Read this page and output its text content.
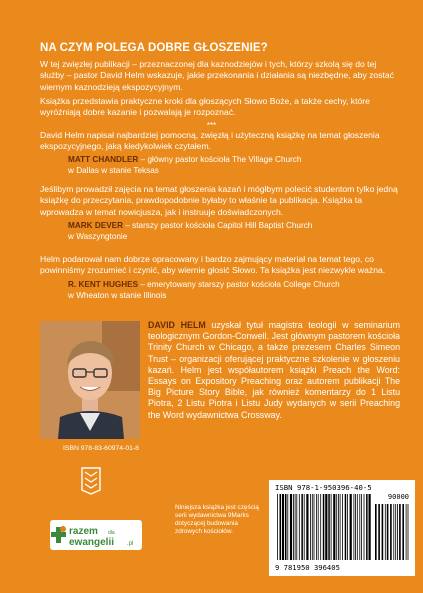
NA CZYM POLEGA DOBRE GŁOSZENIE?

W tej zwięzłej publikacji – przeznaczonej dla kaznodziejów i tych, którzy szkolą się do tej służby – pastor David Helm wskazuje, jakie przekonania i działania są niezbędne, aby zostać wiernym kaznodzieją ekspozycyjnym.

Książka przedstawia praktyczne kroki dla głoszących Słowo Boże, a także cechy, które wyróżniają dobre kazanie i pozwalają je rozpoznać.

***

David Helm napisał najbardziej pomocną, zwięzłą i użyteczną książkę na temat głoszenia ekspozycyjnego, jaką kiedykolwiek czytałem.

MATT CHANDLER – główny pastor kościoła The Village Church
w Dallas w stanie Teksas

Jeślibym prowadził zajęcia na temat głoszenia kazań i mógłbym polecić studentom tylko jedną książkę do przeczytania, prawdopodobnie byłaby to właśnie ta publikacja. Książka ta wprowadza w temat nowicjusza, jak i instruuje doświadczonych.

MARK DEVER – starszy pastor kościoła Capitol Hill Baptist Church
w Waszyngtonie

Helm podarował nam dobrze opracowany i bardzo zajmujący materiał na temat tego, co powinniśmy zrozumieć i czynić, aby wiernie głosić Słowo. Ta książka jest niezwykle ważna.

R. KENT HUGHES – emerytowany starszy pastor kościoła College Church
w Wheaton w stanie Illinois
DAVID HELM uzyskał tytuł magistra teologii w seminarium teologicznym Gordon-Conwell. Jest głównym pastorem kościoła Trinity Church w Chicago, a także prezesem Charles Simeon Trust – organizacji oferującej praktyczne szkolenie w głoszeniu kazań. Helm jest współautorem książki Preach the Word: Essays on Expository Preaching oraz autorem publikacji The Big Picture Story Bible, jak również komentarzy do 1 Listu Piotra, 2 Listu Piotra i Listu Judy wydanych w serii Preaching the Word wydawnictwa Crossway.
ISBN 978-83-60974-01-8
Niniejsza książka jest częścią serii wydawnictwa 9Marks dotyczącej budowania zdrowych kościołów.
razem dla
ewangelii .pl
ISBN 978-1-950396-40-5
90000
9 781950 396405
